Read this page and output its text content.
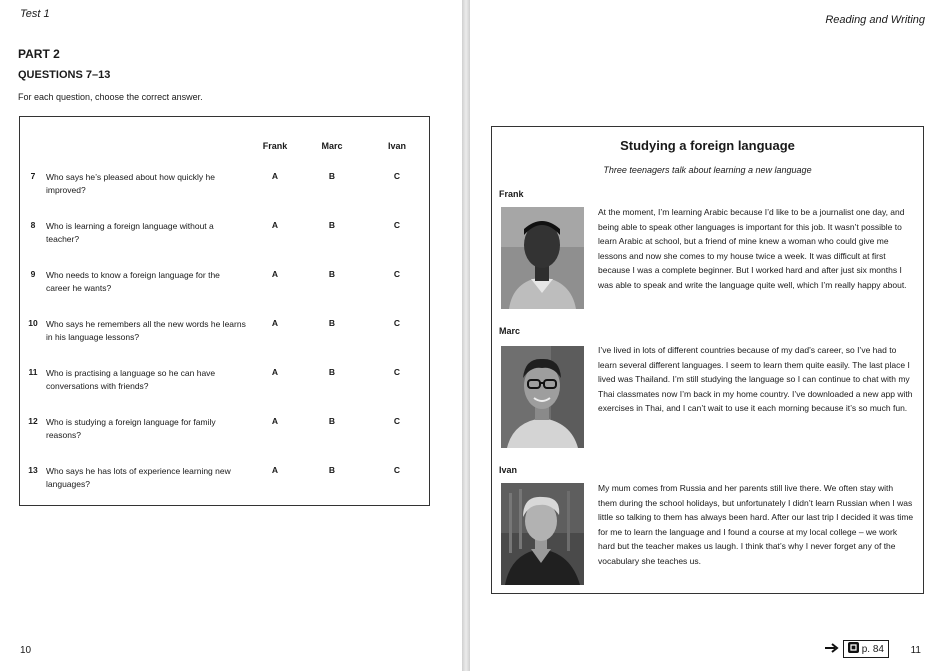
Test 1
PART 2
QUESTIONS 7–13
For each question, choose the correct answer.
Frank	Marc	Ivan
7	Who says he’s pleased about how quickly he improved?
A	B	C
8	Who is learning a foreign language without a teacher?
A	B	C
9	Who needs to know a foreign language for the career he wants?
A	B	C
10 Who says he remembers all the new words he learns in his language lessons?
A	B	C
11	Who is practising a language so he can have conversations with friends?
A	B	C
12 Who is studying a foreign language for family reasons?
A	B	C
13 Who says he has lots of experience learning new languages?
A	B	C
10
Reading and Writing
Studying a foreign language
Three teenagers talk about learning a new language
Frank
At the moment, I’m learning Arabic because I’d like to be a journalist one day, and being able to speak other languages is important for this job. It wasn’t possible to learn Arabic at school, but a friend of mine knew a woman who could give me lessons and now she comes to my house twice a week. It was difficult at first because I was a complete beginner. But I worked hard and after just six months I was able to speak and write the language quite well, which I’m really happy about.
Marc
I’ve lived in lots of different countries because of my dad’s career, so I’ve had to learn several different languages. I seem to learn them quite easily. The last place I lived was Thailand. I’m still studying the language so I can continue to chat with my Thai classmates now I’m back in my home country. I’ve downloaded a new app with exercises in Thai, and I can’t wait to use it each morning because it’s so much fun.
Ivan
My mum comes from Russia and her parents still live there. We often stay with them during the school holidays, but unfortunately I didn’t learn Russian when I was little so talking to them has always been hard. After our last trip I decided it was time for me to learn the language and I found a course at my local college – we work hard but the teacher makes us laugh. I think that’s why I never forget any of the vocabulary she teaches us.
p. 84	11
